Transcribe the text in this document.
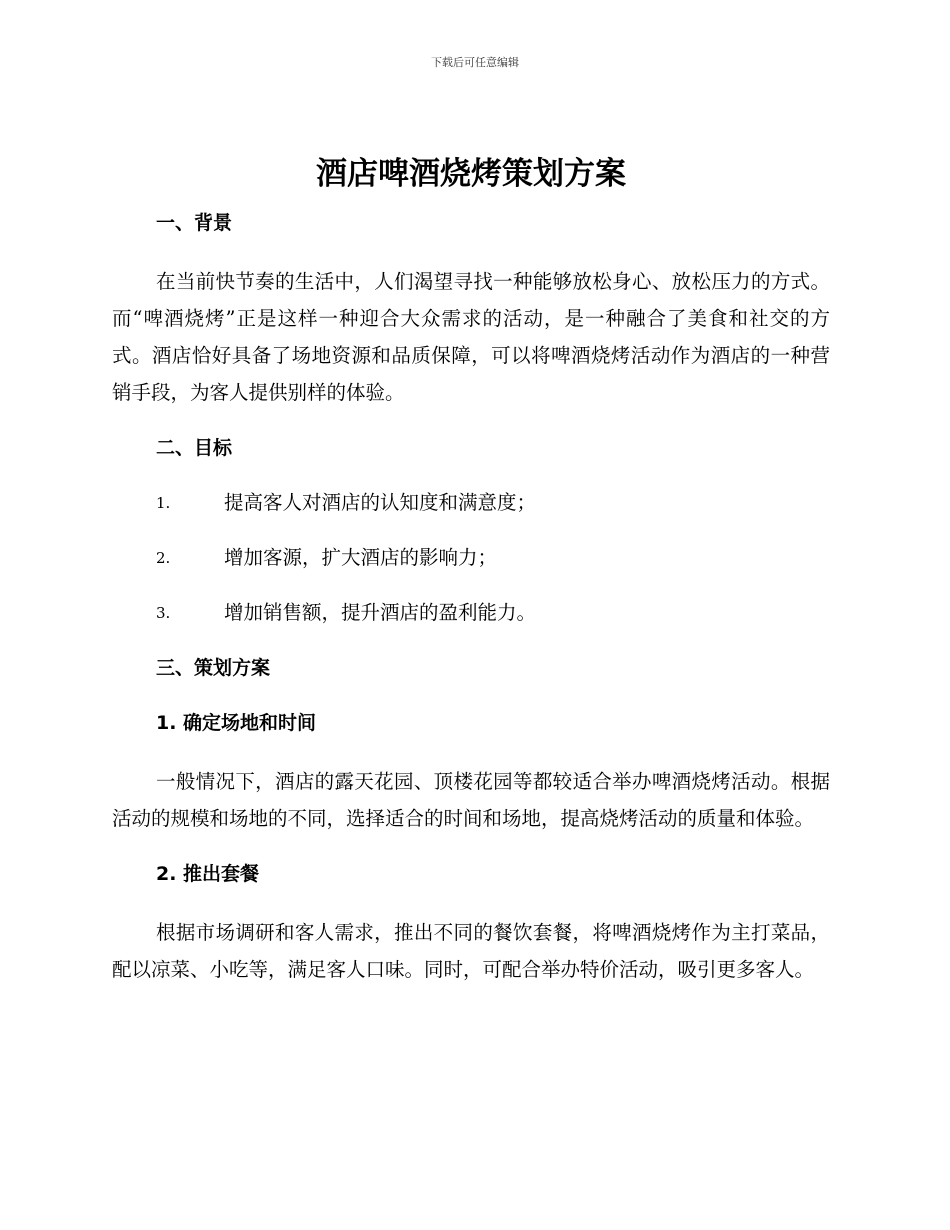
下载后可任意编辑
酒店啤酒烧烤策划方案
一、背景

在当前快节奏的生活中，人们渴望寻找一种能够放松身心、放松压力的方式。而“啤酒烧烤”正是这样一种迎合大众需求的活动，是一种融合了美食和社交的方式。酒店恰好具备了场地资源和品质保障，可以将啤酒烧烤活动作为酒店的一种营销手段，为客人提供别样的体验。

二、目标
1.	提高客人对酒店的认知度和满意度；
2.	增加客源，扩大酒店的影响力；
3.	增加销售额，提升酒店的盈利能力。
三、策划方案
1. 确定场地和时间

一般情况下，酒店的露天花园、顶楼花园等都较适合举办啤酒烧烤活动。根据活动的规模和场地的不同，选择适合的时间和场地，提高烧烤活动的质量和体验。

2. 推出套餐

根据市场调研和客人需求，推出不同的餐饮套餐，将啤酒烧烤作为主打菜品，配以凉菜、小吃等，满足客人口味。同时，可配合举办特价活动，吸引更多客人。
